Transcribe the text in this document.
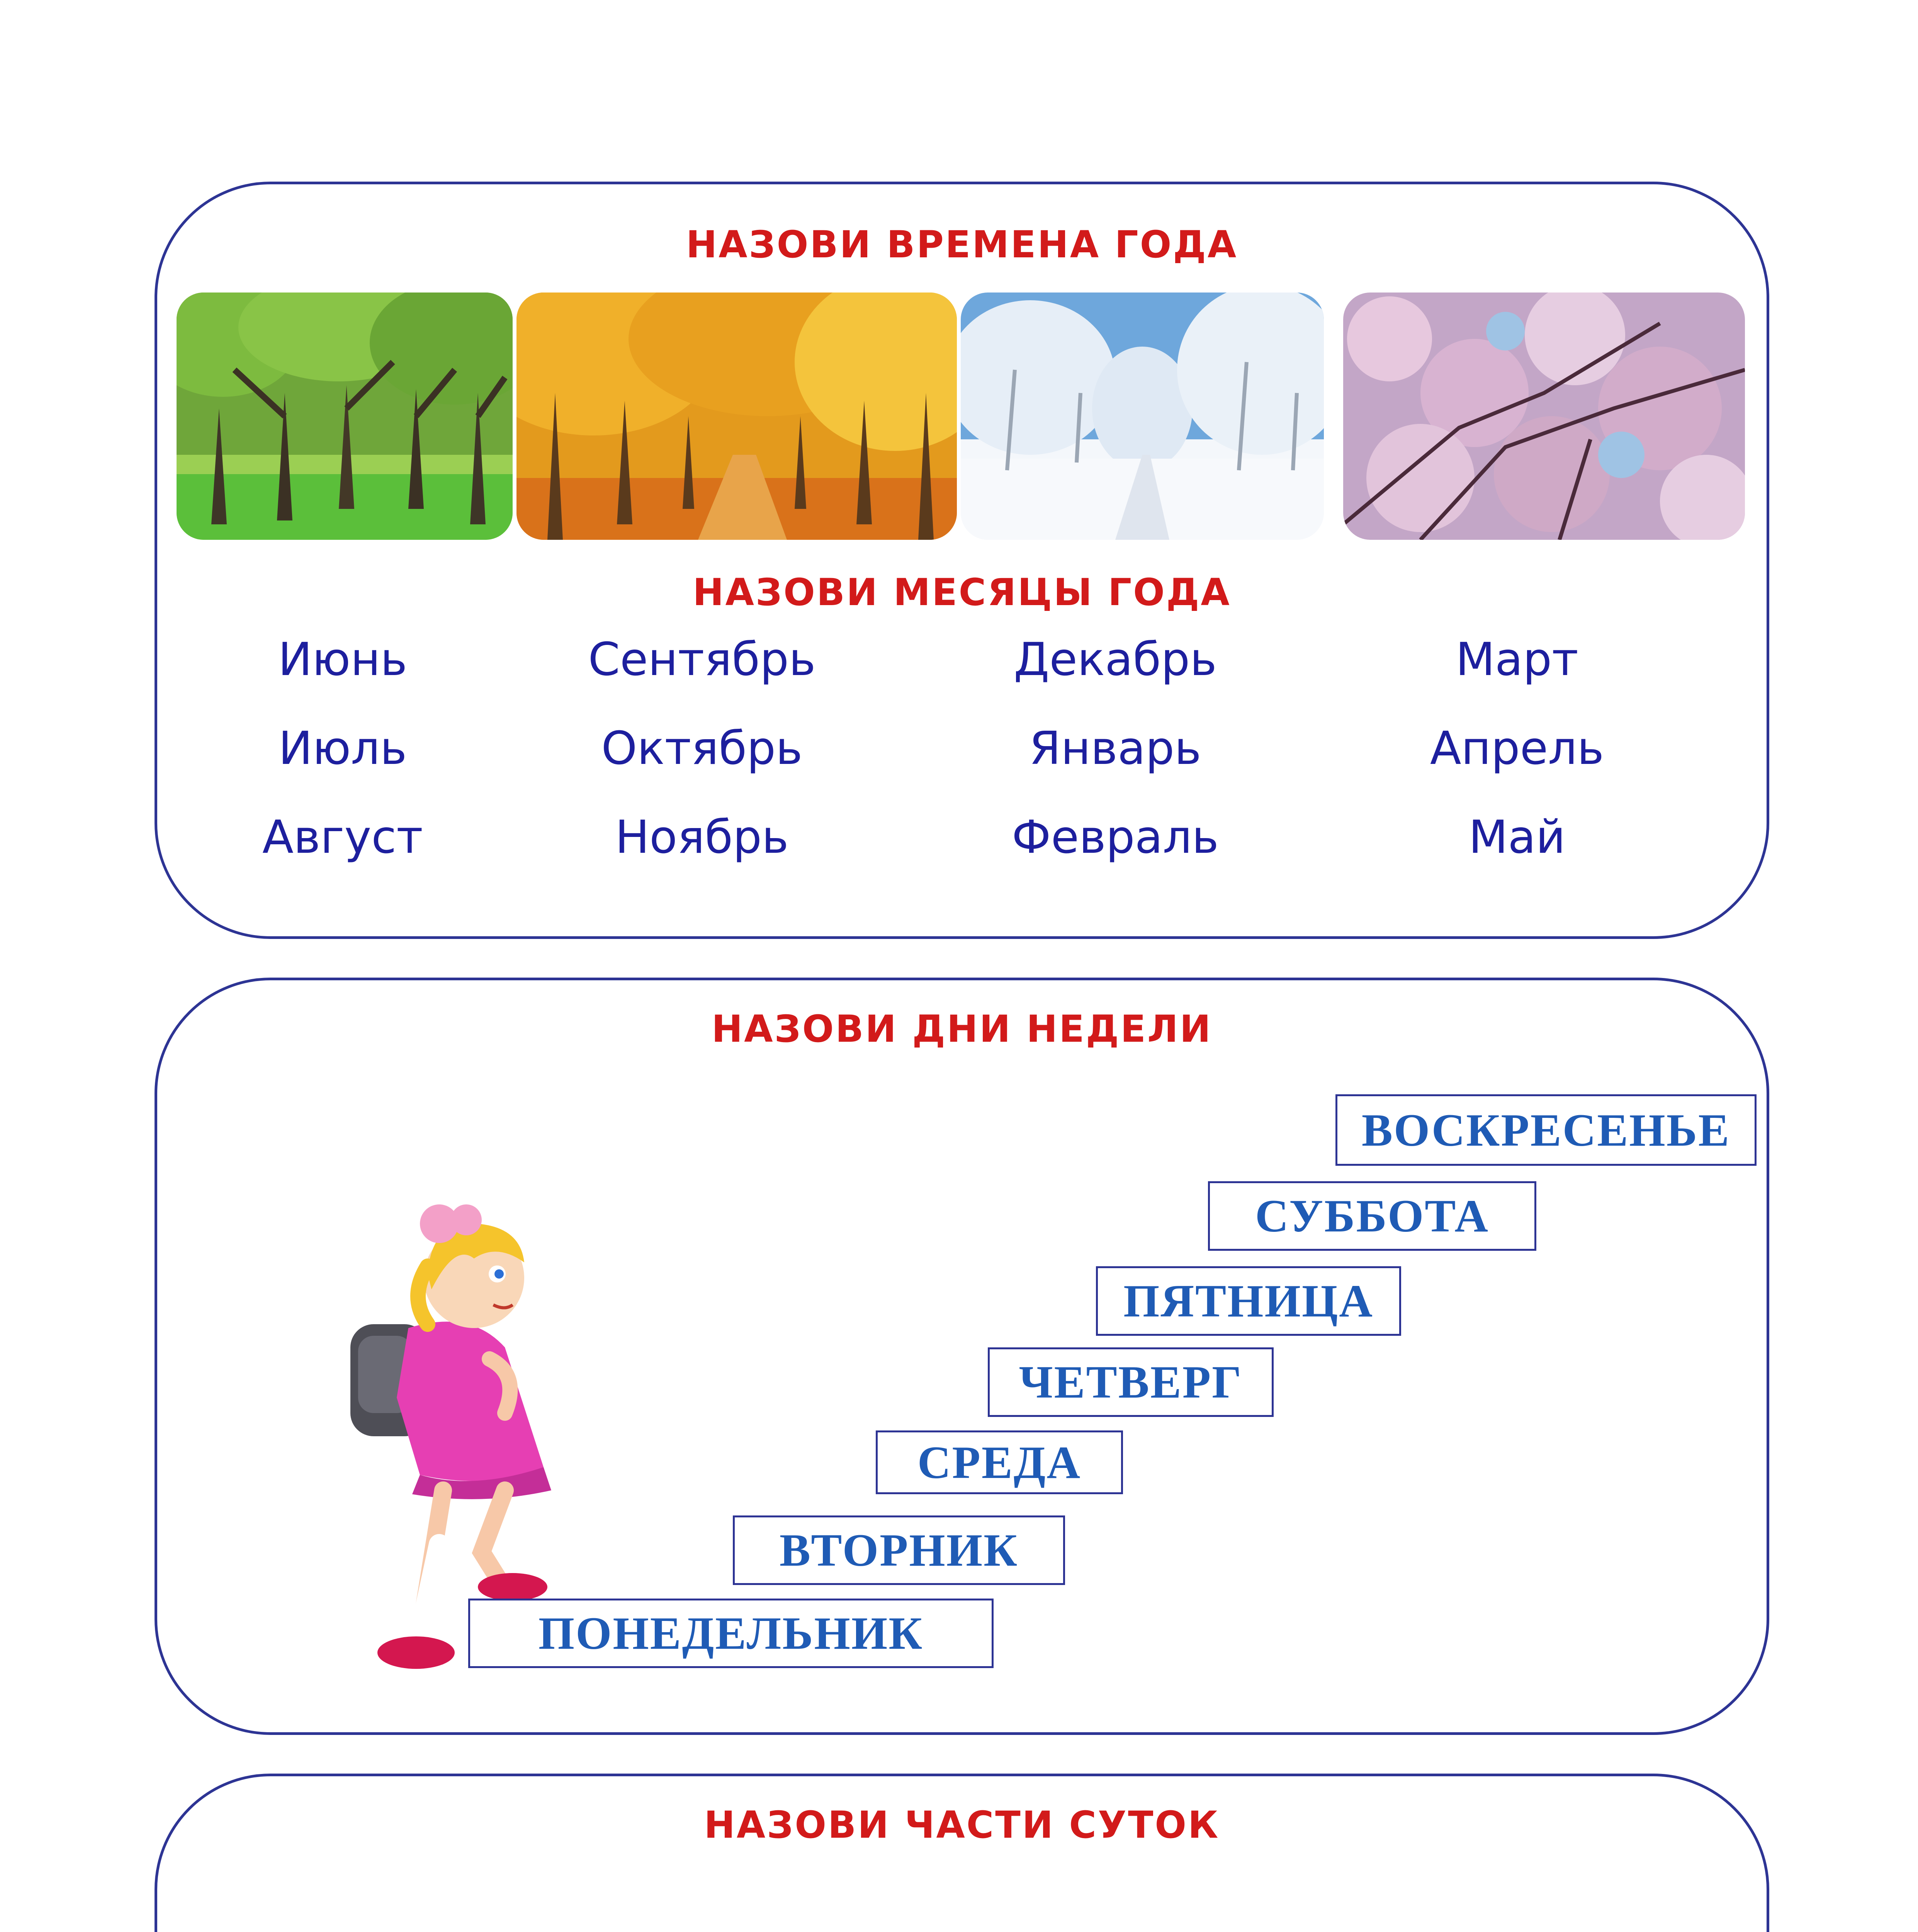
НАЗОВИ ВРЕМЕНА ГОДА
НАЗОВИ МЕСЯЦЫ ГОДА
Июнь
Июль
Август
Сентябрь
Октябрь
Ноябрь
Декабрь
Январь
Февраль
Март
Апрель
Май
НАЗОВИ ДНИ НЕДЕЛИ
ПОНЕДЕЛЬНИК
ВТОРНИК
СРЕДА
ЧЕТВЕРГ
ПЯТНИЦА
СУББОТА
ВОСКРЕСЕНЬЕ
НАЗОВИ ЧАСТИ СУТОК
